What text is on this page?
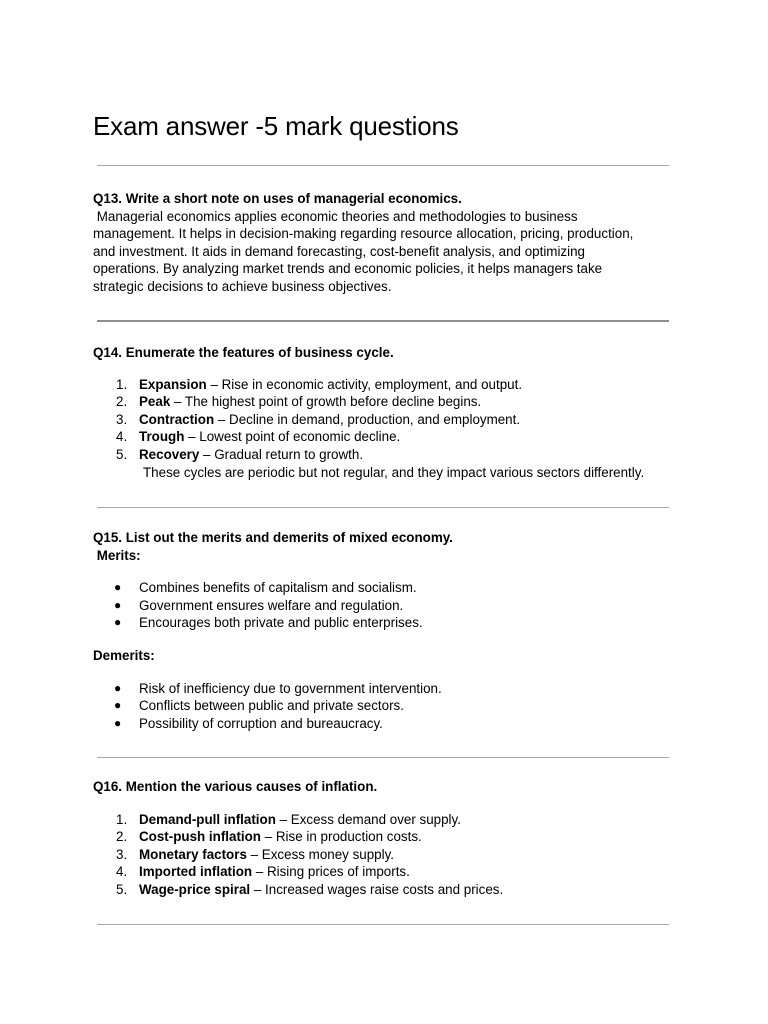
Exam answer -5 mark questions

Q13. Write a short note on uses of managerial economics.

Managerial economics applies economic theories and methodologies to business

management. It helps in decision-making regarding resource allocation, pricing, production,

and investment. It aids in demand forecasting, cost-benefit analysis, and optimizing

operations. By analyzing market trends and economic policies, it helps managers take

strategic decisions to achieve business objectives.

Q14. Enumerate the features of business cycle.

1. Expansion – Rise in economic activity, employment, and output.
2. Peak – The highest point of growth before decline begins.
3. Contraction – Decline in demand, production, and employment.
4. Trough – Lowest point of economic decline.
5. Recovery – Gradual return to growth.

These cycles are periodic but not regular, and they impact various sectors differently.

Q15. List out the merits and demerits of mixed economy.

Merits:

● Combines benefits of capitalism and socialism.
● Government ensures welfare and regulation.
● Encourages both private and public enterprises.

Demerits:

● Risk of inefficiency due to government intervention.
● Conflicts between public and private sectors.
● Possibility of corruption and bureaucracy.

Q16. Mention the various causes of inflation.

1. Demand-pull inflation – Excess demand over supply.
2. Cost-push inflation – Rise in production costs.
3. Monetary factors – Excess money supply.
4. Imported inflation – Rising prices of imports.
5. Wage-price spiral – Increased wages raise costs and prices.
